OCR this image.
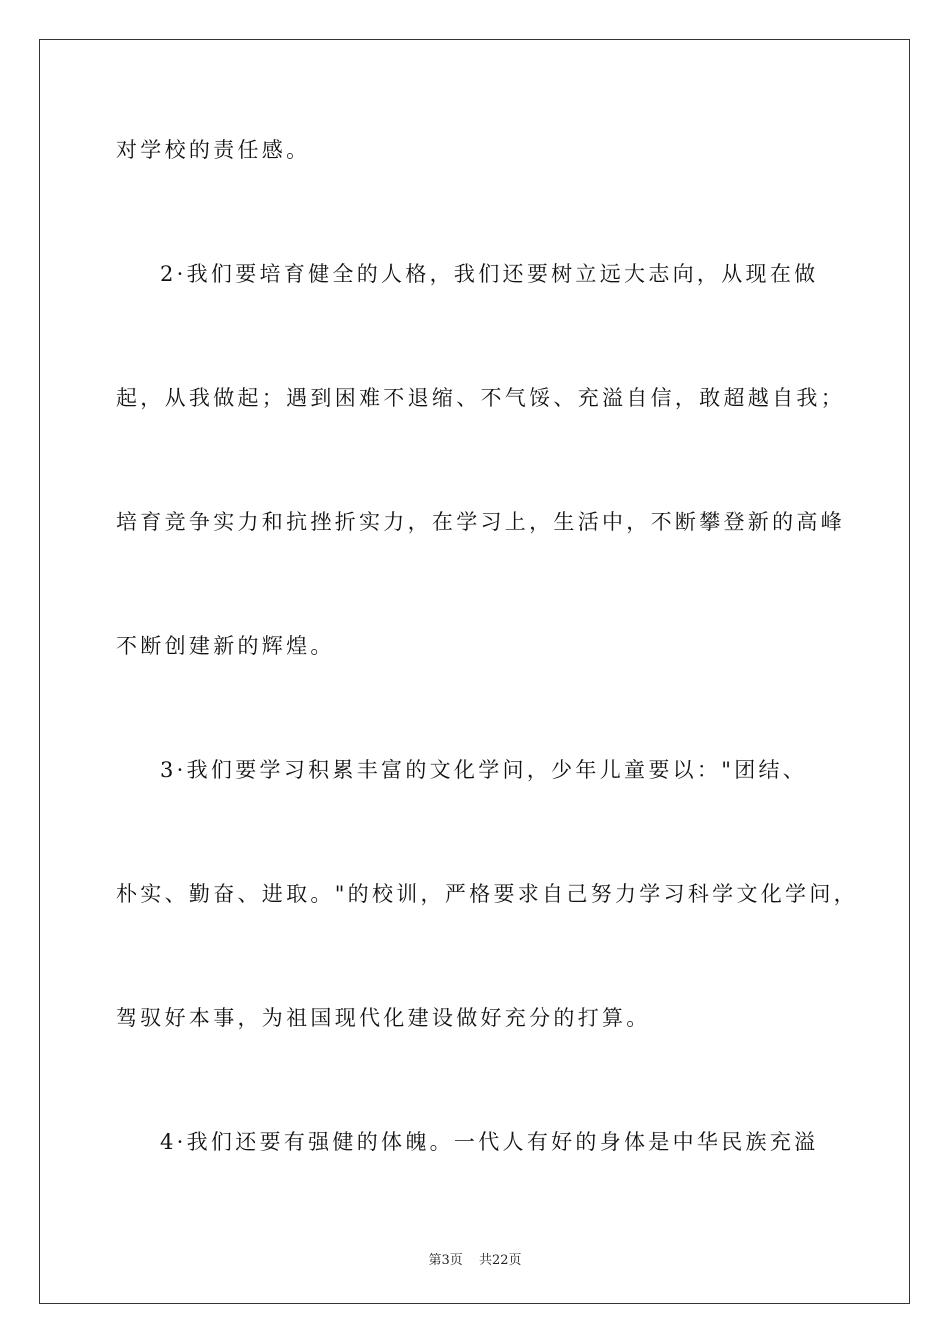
对学校的责任感。
2·我们要培育健全的人格，我们还要树立远大志向，从现在做
起，从我做起；遇到困难不退缩、不气馁、充溢自信，敢超越自我；
培育竞争实力和抗挫折实力，在学习上，生活中，不断攀登新的高峰
不断创建新的辉煌。
3·我们要学习积累丰富的文化学问，少年儿童要以："团结、
朴实、勤奋、进取。"的校训，严格要求自己努力学习科学文化学问，
驾驭好本事，为祖国现代化建设做好充分的打算。
4·我们还要有强健的体魄。一代人有好的身体是中华民族充溢
第3页 共22页
